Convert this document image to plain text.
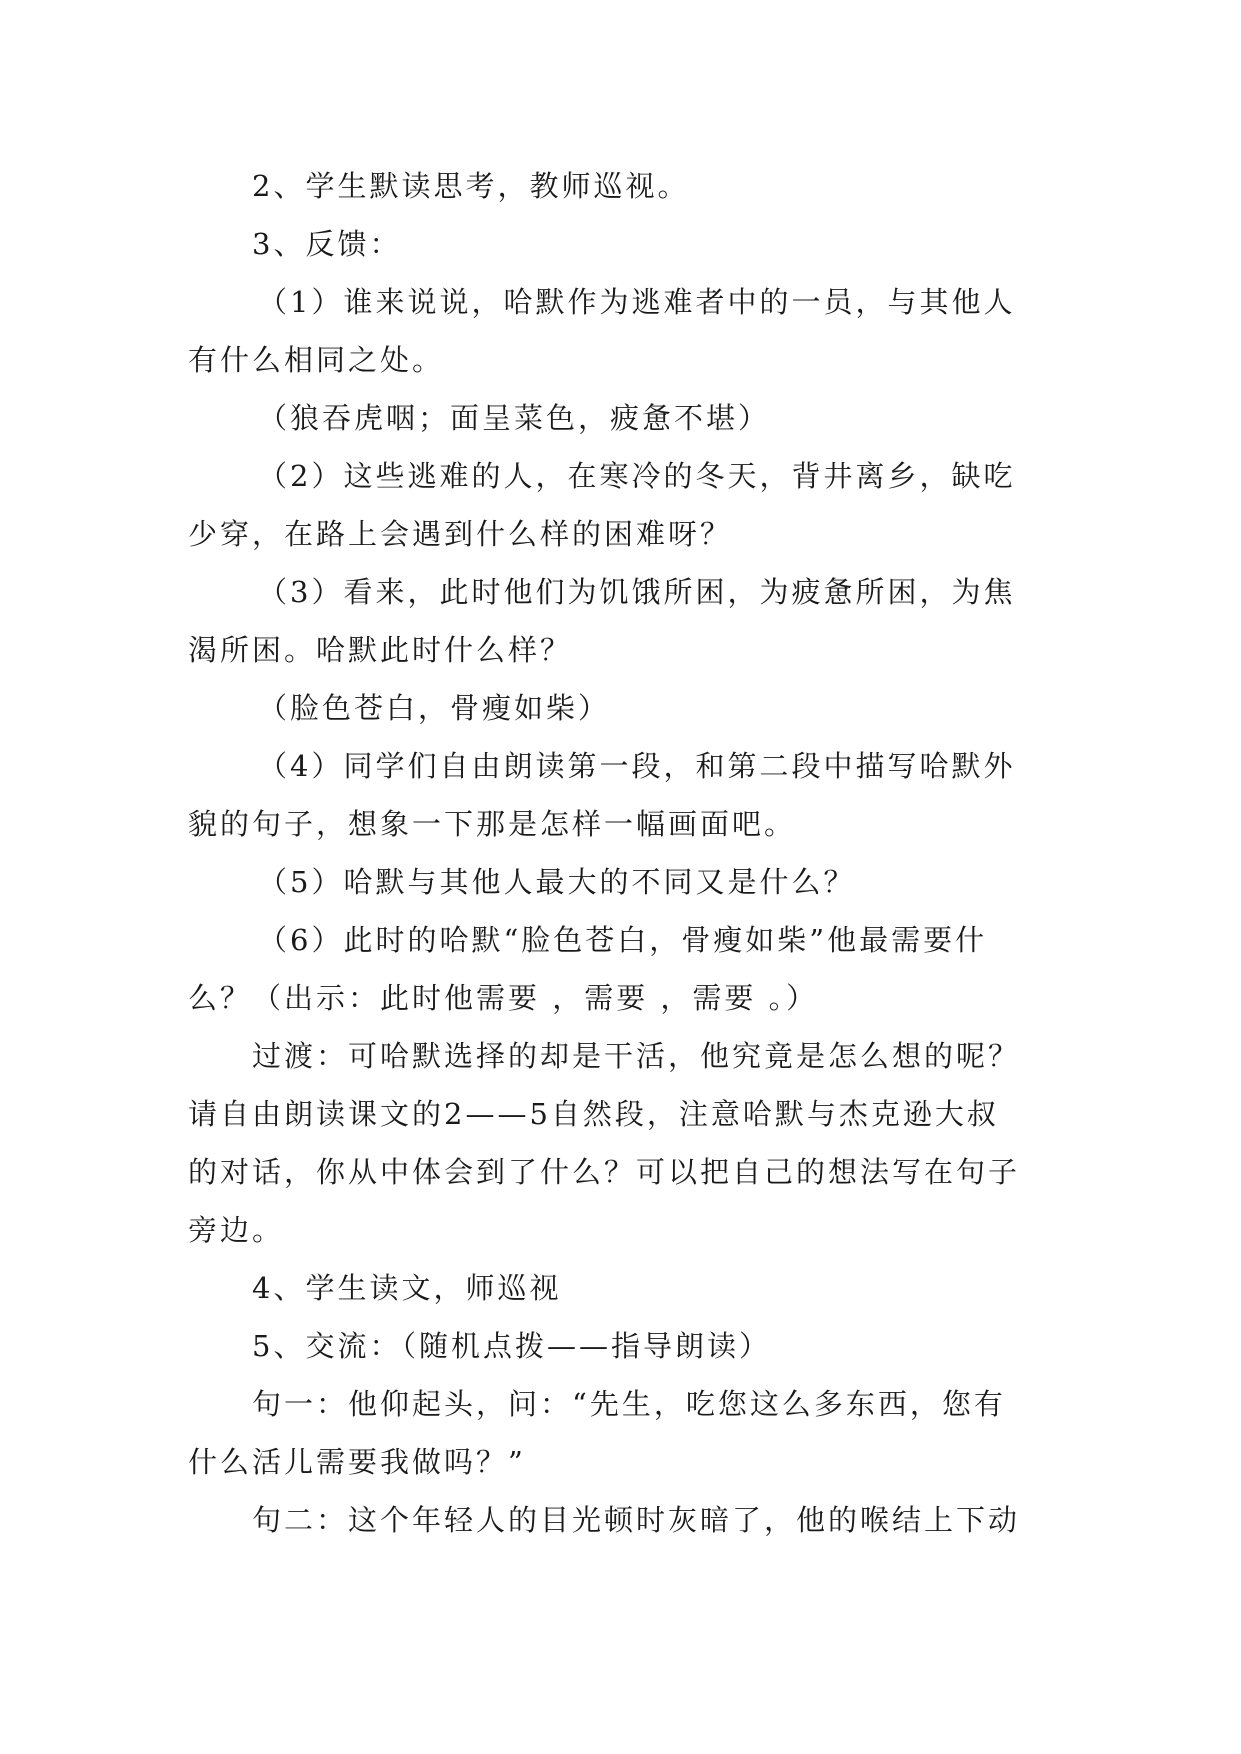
2、学生默读思考，教师巡视。
3、反馈：
（1）谁来说说，哈默作为逃难者中的一员，与其他人
有什么相同之处。
（狼吞虎咽；面呈菜色，疲惫不堪）
（2）这些逃难的人，在寒冷的冬天，背井离乡，缺吃
少穿，在路上会遇到什么样的困难呀？
（3）看来，此时他们为饥饿所困，为疲惫所困，为焦
渴所困。哈默此时什么样？
（脸色苍白，骨瘦如柴）
（4）同学们自由朗读第一段，和第二段中描写哈默外
貌的句子，想象一下那是怎样一幅画面吧。
（5）哈默与其他人最大的不同又是什么？
（6）此时的哈默“脸色苍白，骨瘦如柴”他最需要什
么？（出示：此时他需要 ，需要 ，需要 。）
过渡：可哈默选择的却是干活，他究竟是怎么想的呢？
请自由朗读课文的2——5自然段，注意哈默与杰克逊大叔
的对话，你从中体会到了什么？可以把自己的想法写在句子
旁边。
4、学生读文，师巡视
5、交流：（随机点拨——指导朗读）
句一：他仰起头，问：“先生，吃您这么多东西，您有
什么活儿需要我做吗？”
句二：这个年轻人的目光顿时灰暗了，他的喉结上下动
